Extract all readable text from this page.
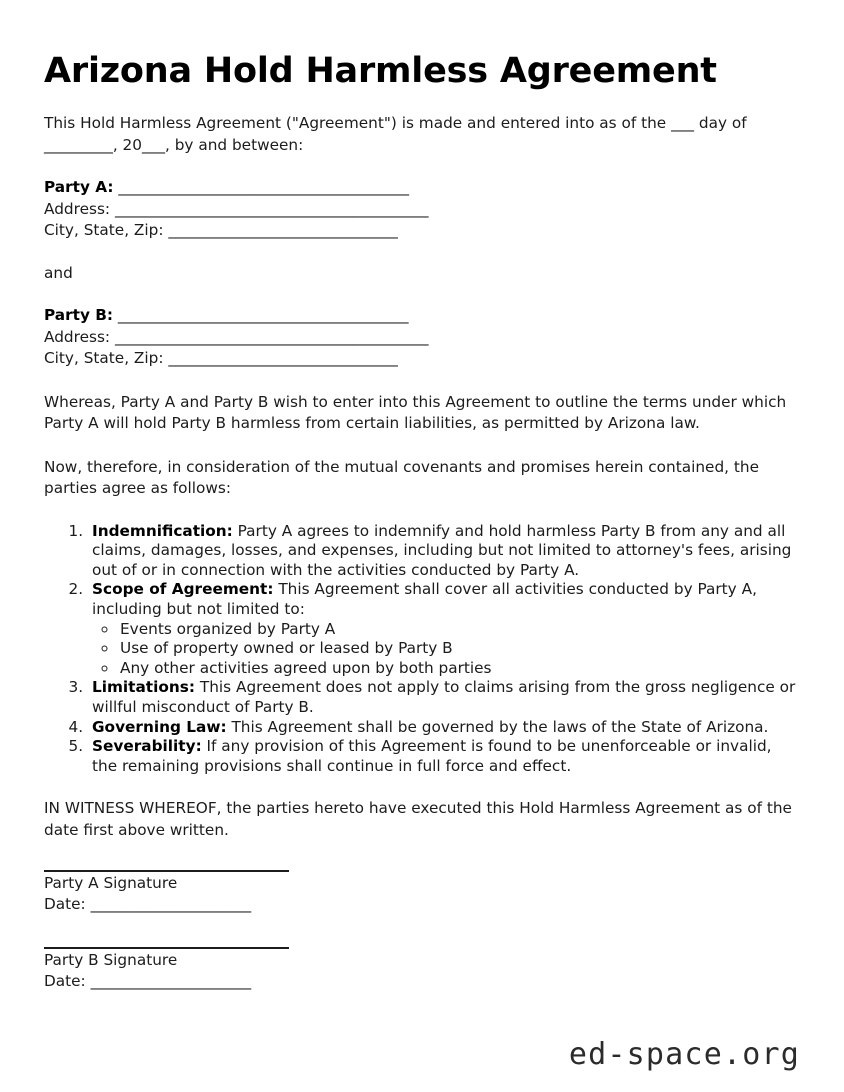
Arizona Hold Harmless Agreement

This Hold Harmless Agreement ("Agreement") is made and entered into as of the ___ day of _________, 20___, by and between:

Party A: ______________________________________
Address: _________________________________________
City, State, Zip: ______________________________
and
Party B: ______________________________________
Address: _________________________________________
City, State, Zip: ______________________________

Whereas, Party A and Party B wish to enter into this Agreement to outline the terms under which Party A will hold Party B harmless from certain liabilities, as permitted by Arizona law.

Now, therefore, in consideration of the mutual covenants and promises herein contained, the parties agree as follows:

1. Indemnification: Party A agrees to indemnify and hold harmless Party B from any and all claims, damages, losses, and expenses, including but not limited to attorney's fees, arising out of or in connection with the activities conducted by Party A.
2. Scope of Agreement: This Agreement shall cover all activities conducted by Party A, including but not limited to:
◦ Events organized by Party A
◦ Use of property owned or leased by Party B
◦ Any other activities agreed upon by both parties
3. Limitations: This Agreement does not apply to claims arising from the gross negligence or willful misconduct of Party B.
4. Governing Law: This Agreement shall be governed by the laws of the State of Arizona.
5. Severability: If any provision of this Agreement is found to be unenforceable or invalid, the remaining provisions shall continue in full force and effect.

IN WITNESS WHEREOF, the parties hereto have executed this Hold Harmless Agreement as of the date first above written.

Party A Signature
Date: _____________________
Party B Signature
Date: _____________________
ed-space.org
